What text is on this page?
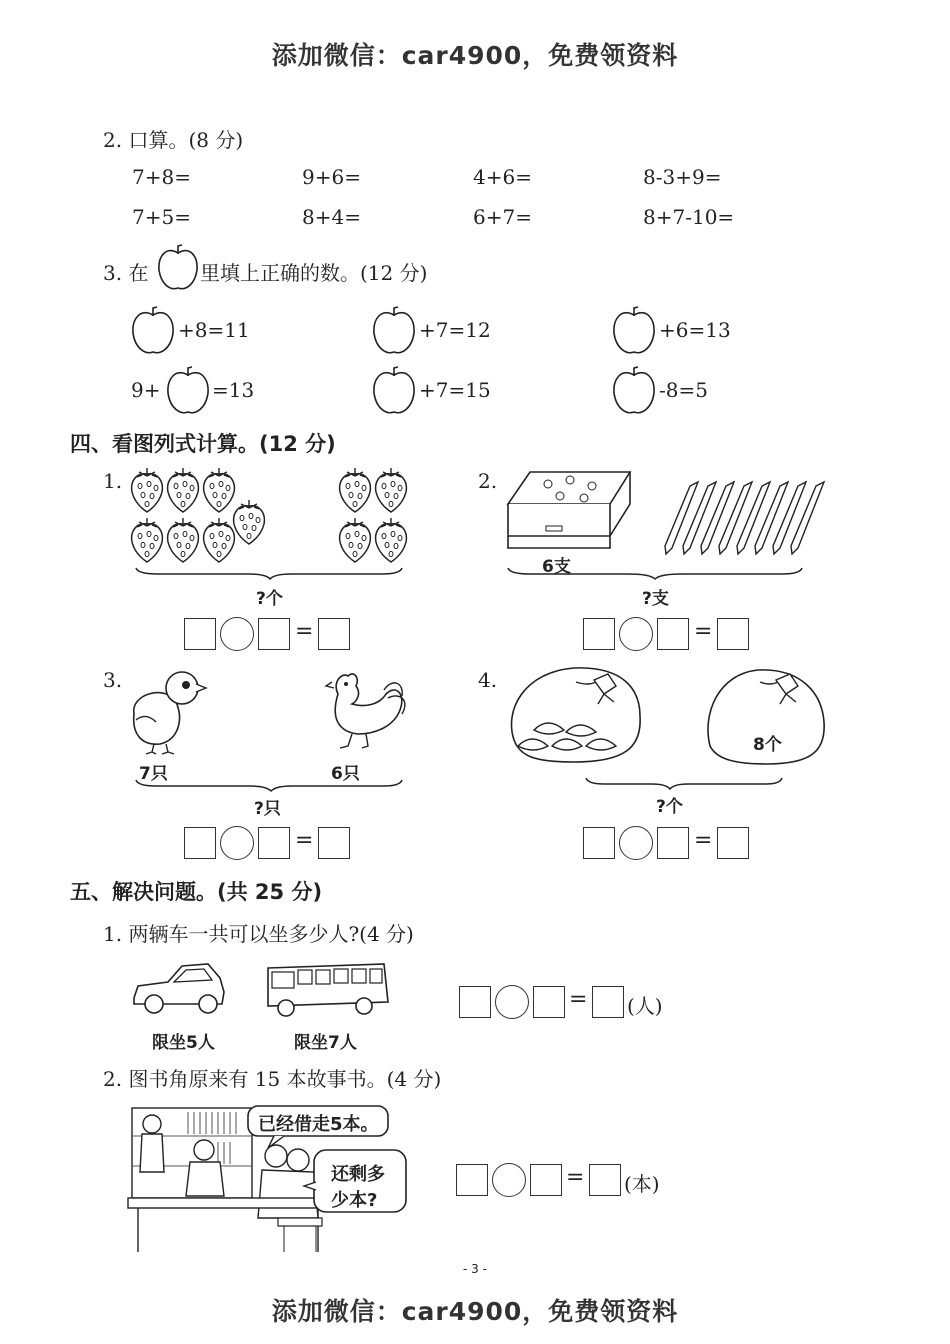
添加微信：car4900，免费领资料
2. 口算。(8 分)
7+8=	9+6=	4+6=	8-3+9=
7+5=	8+4=	6+7=	8+7-10=
3. 在	里填上正确的数。(12 分)
+8=11	+7=12	+6=13
9+	=13	+7=15	-8=5
四、看图列式计算。(12 分)
1.
?个
=
2.
6支
?支
=
3.
7只	6只
?只
=
4.
8个
?个
=
五、解决问题。(共 25 分)
1. 两辆车一共可以坐多少人?(4 分)
限坐5人	限坐7人
= (人)
2. 图书角原来有 15 本故事书。(4 分)
已经借走5本。
还剩多
少本?
= (本)
- 3 -
添加微信：car4900，免费领资料
